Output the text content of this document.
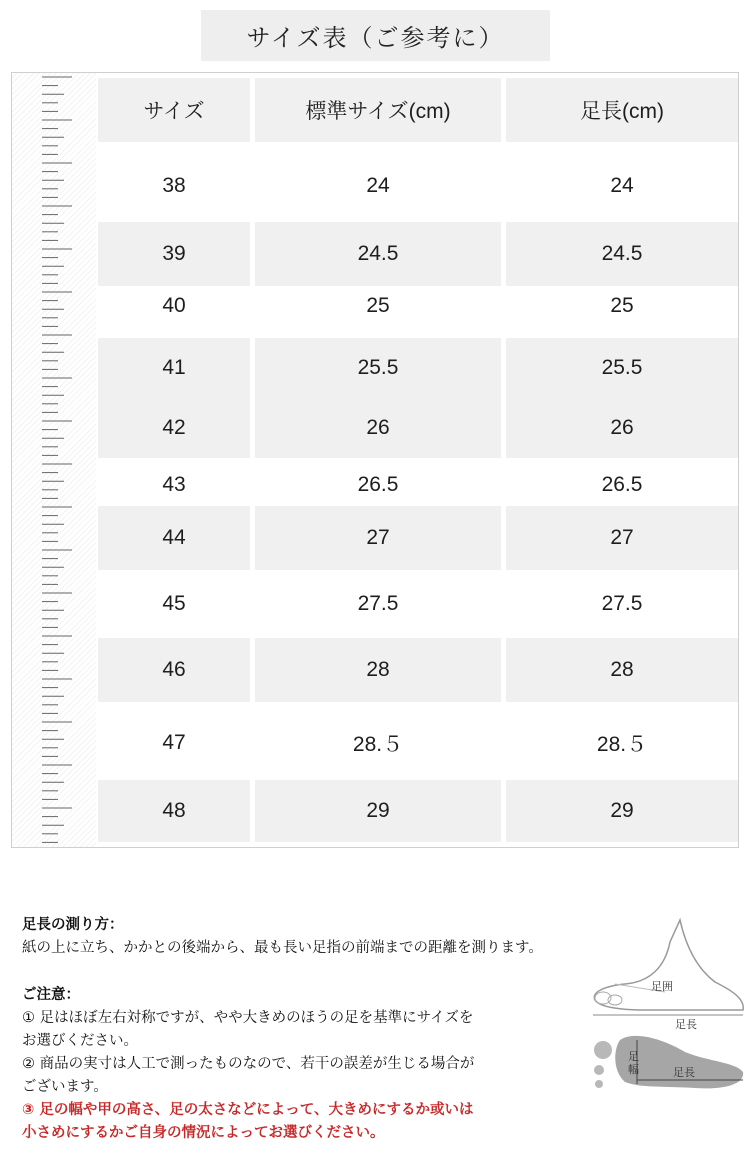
サイズ表（ご参考に）
サイズ	標準サイズ(cm)	足長(cm)
38	24	24
39	24.5	24.5
40	25	25
41	25.5	25.5
42	26	26
43	26.5	26.5
44	27	27
45	27.5	27.5
46	28	28
47	28.５	28.５
48	29	29

足長の測り方：

紙の上に立ち、かかとの後端から、最も長い足指の前端までの距離を測ります。

ご注意：

① 足はほぼ左右対称ですが、やや大きめのほうの足を基準にサイズを

お選びください。

② 商品の実寸は人工で測ったものなので、若干の誤差が生じる場合が

ございます。

③ 足の幅や甲の高さ、足の太さなどによって、大きめにするか或いは

小さめにするかご自身の情況によってお選びください。

足囲
足長
足幅	足長
